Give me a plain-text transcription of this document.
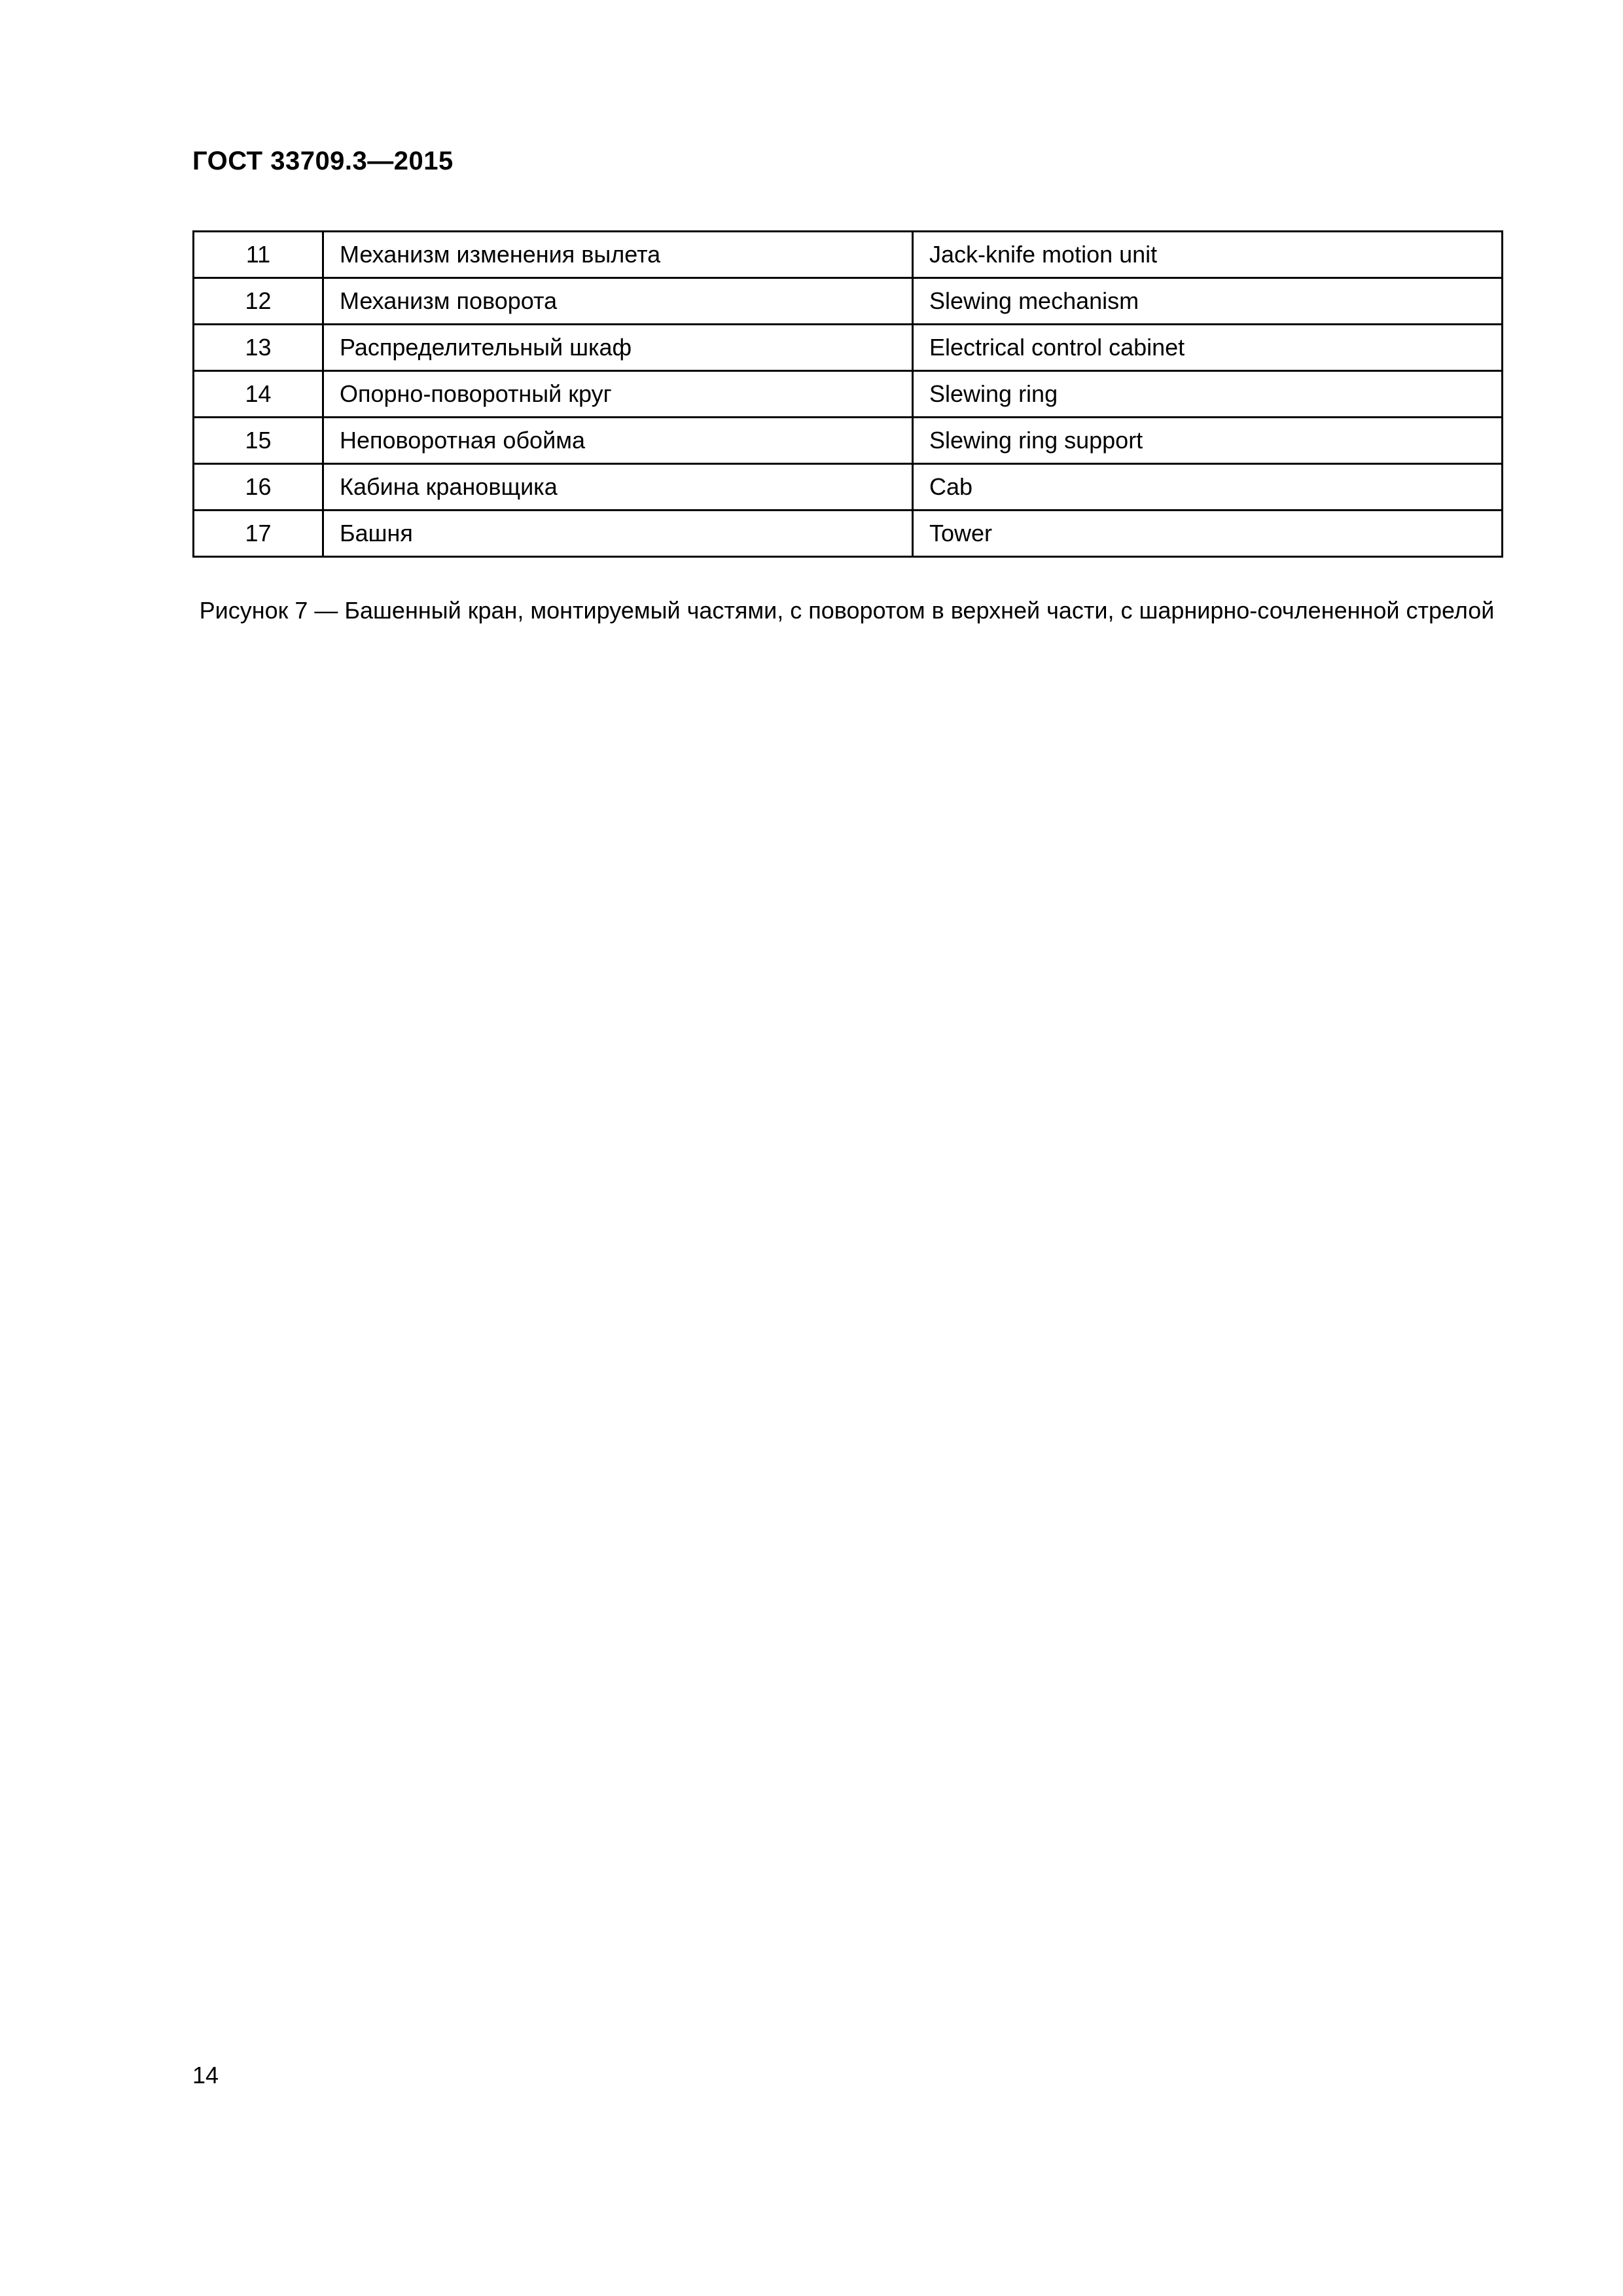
ГОСТ 33709.3—2015
11	Механизм изменения вылета	Jack-knife motion unit
12	Механизм поворота	Slewing mechanism
13	Распределительный шкаф	Electrical control cabinet
14	Опорно-поворотный круг	Slewing ring
15	Неповоротная обойма	Slewing ring support
16	Кабина крановщика	Cab
17	Башня	Tower
Рисунок 7 — Башенный кран, монтируемый частями, с поворотом в верхней части, с шарнирно-сочлененной стрелой
14
